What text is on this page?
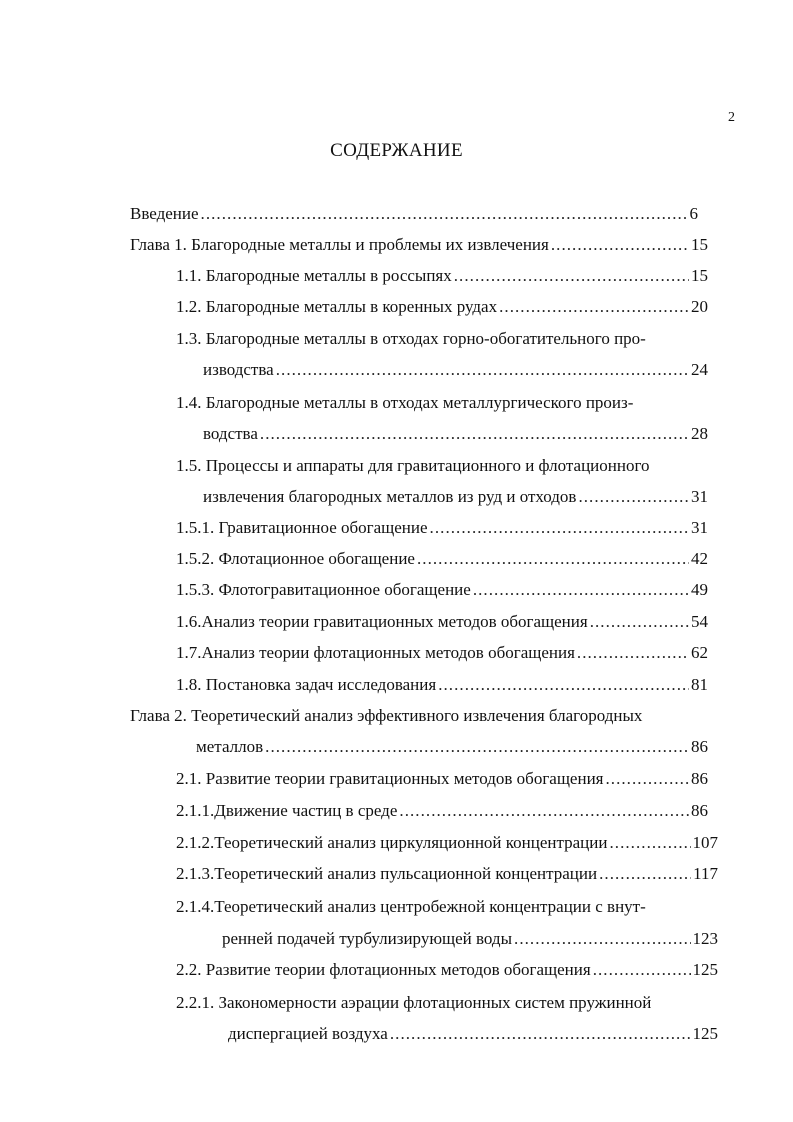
2
СОДЕРЖАНИЕ
Введение . . .	6
Глава 1. Благородные металлы и проблемы их извлечения . . .	15
1.1. Благородные металлы в россыпях . . .	15
1.2. Благородные металлы в коренных рудах . . .	20
1.3. Благородные металлы в отходах горно-обогатительного про-
изводства . . .	24
1.4. Благородные металлы в отходах металлургического произ-
водства . . .	28
1.5. Процессы и аппараты для гравитационного и флотационного
извлечения благородных металлов из руд и отходов . . .	31
1.5.1. Гравитационное обогащение . . .	31
1.5.2. Флотационное обогащение . . .	42
1.5.3. Флотогравитационное обогащение . . .	49
1.6.Анализ теории гравитационных методов обогащения . . .	54
1.7.Анализ теории флотационных методов обогащения . . .	62
1.8. Постановка задач исследования . . .	81
Глава 2. Теоретический анализ эффективного извлечения благородных
металлов . . .	86
2.1. Развитие теории гравитационных методов обогащения . . .	86
2.1.1.Движение частиц в среде . . .	86
2.1.2.Теоретический анализ циркуляционной концентрации . . .	107
2.1.3.Теоретический анализ пульсационной концентрации . . .	117
2.1.4.Теоретический анализ центробежной концентрации с внут-
ренней подачей турбулизирующей воды . . .	123
2.2. Развитие теории флотационных методов обогащения . . .	125
2.2.1. Закономерности аэрации флотационных систем пружинной
диспергацией воздуха . . .	125
